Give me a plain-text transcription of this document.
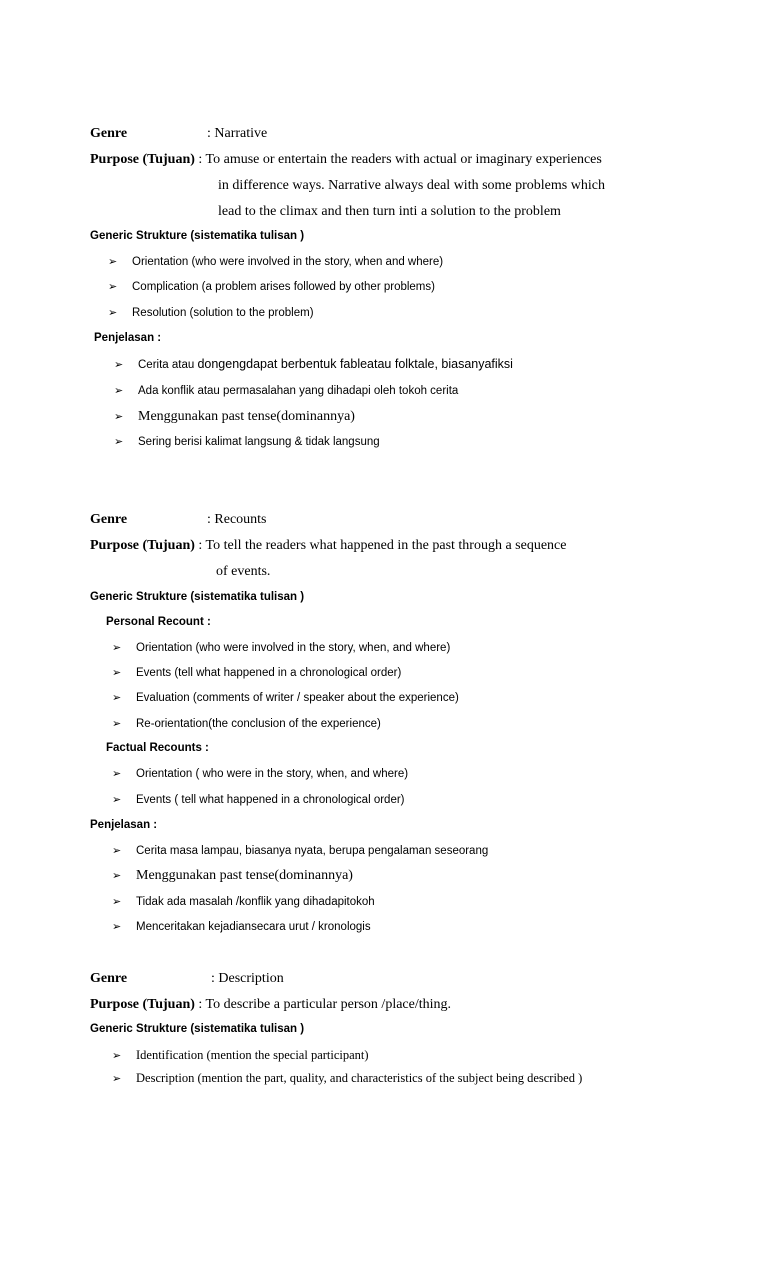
Genre	: Narrative
Purpose (Tujuan) : To amuse or entertain the readers with actual or imaginary experiences
in difference ways. Narrative always deal with some problems which
lead to the climax and then turn inti a solution to the problem
Generic Strukture (sistematika tulisan )
➢ Orientation (who were involved in the story, when and where)
➢ Complication (a problem arises followed by other problems)
➢ Resolution (solution to the problem)
Penjelasan :
➢ Cerita atau dongengdapat berbentuk fableatau folktale, biasanyafiksi
➢ Ada konflik atau permasalahan yang dihadapi oleh tokoh cerita
➢ Menggunakan past tense(dominannya)
➢ Sering berisi kalimat langsung & tidak langsung
Genre	: Recounts
Purpose (Tujuan) : To tell the readers what happened in the past through a sequence
of events.
Generic Strukture (sistematika tulisan )
Personal Recount :
➢ Orientation (who were involved in the story, when, and where)
➢ Events (tell what happened in a chronological order)
➢ Evaluation (comments of writer / speaker about the experience)
➢ Re-orientation(the conclusion of the experience)
Factual Recounts :
➢ Orientation ( who were in the story, when, and where)
➢ Events ( tell what happened in a chronological order)
Penjelasan :
➢ Cerita masa lampau, biasanya nyata, berupa pengalaman seseorang
➢ Menggunakan past tense(dominannya)
➢ Tidak ada masalah /konflik yang dihadapitokoh
➢ Menceritakan kejadiansecara urut / kronologis
Genre	: Description
Purpose (Tujuan) : To describe a particular person /place/thing.
Generic Strukture (sistematika tulisan )
➢ Identification (mention the special participant)
➢ Description (mention the part, quality, and characteristics of the subject being described )
